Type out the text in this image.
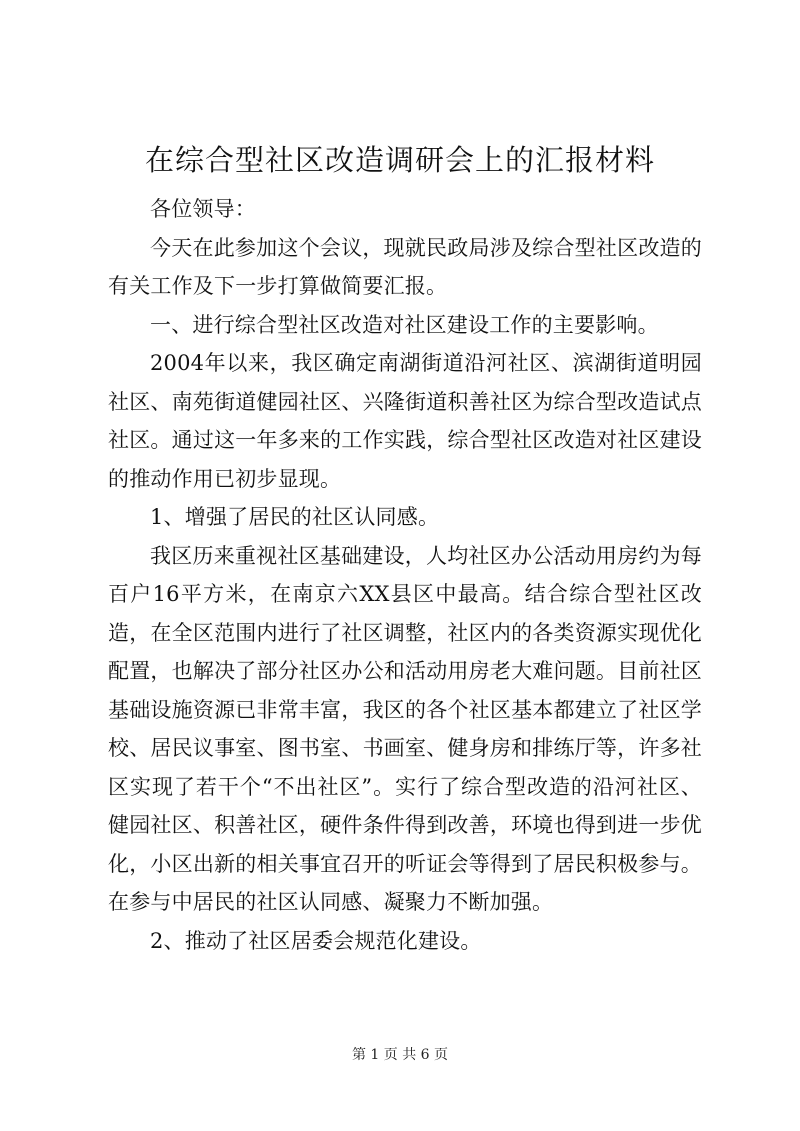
在综合型社区改造调研会上的汇报材料

各位领导：

今天在此参加这个会议，现就民政局涉及综合型社区改造的有关工作及下一步打算做简要汇报。

一、进行综合型社区改造对社区建设工作的主要影响。

2004年以来，我区确定南湖街道沿河社区、滨湖街道明园社区、南苑街道健园社区、兴隆街道积善社区为综合型改造试点社区。通过这一年多来的工作实践，综合型社区改造对社区建设的推动作用已初步显现。

1、增强了居民的社区认同感。

我区历来重视社区基础建设，人均社区办公活动用房约为每百户16平方米，在南京六XX县区中最高。结合综合型社区改造，在全区范围内进行了社区调整，社区内的各类资源实现优化配置，也解决了部分社区办公和活动用房老大难问题。目前社区基础设施资源已非常丰富，我区的各个社区基本都建立了社区学校、居民议事室、图书室、书画室、健身房和排练厅等，许多社区实现了若干个“不出社区”。实行了综合型改造的沿河社区、健园社区、积善社区，硬件条件得到改善，环境也得到进一步优化，小区出新的相关事宜召开的听证会等得到了居民积极参与。在参与中居民的社区认同感、凝聚力不断加强。

2、推动了社区居委会规范化建设。

第 1 页 共 6 页
